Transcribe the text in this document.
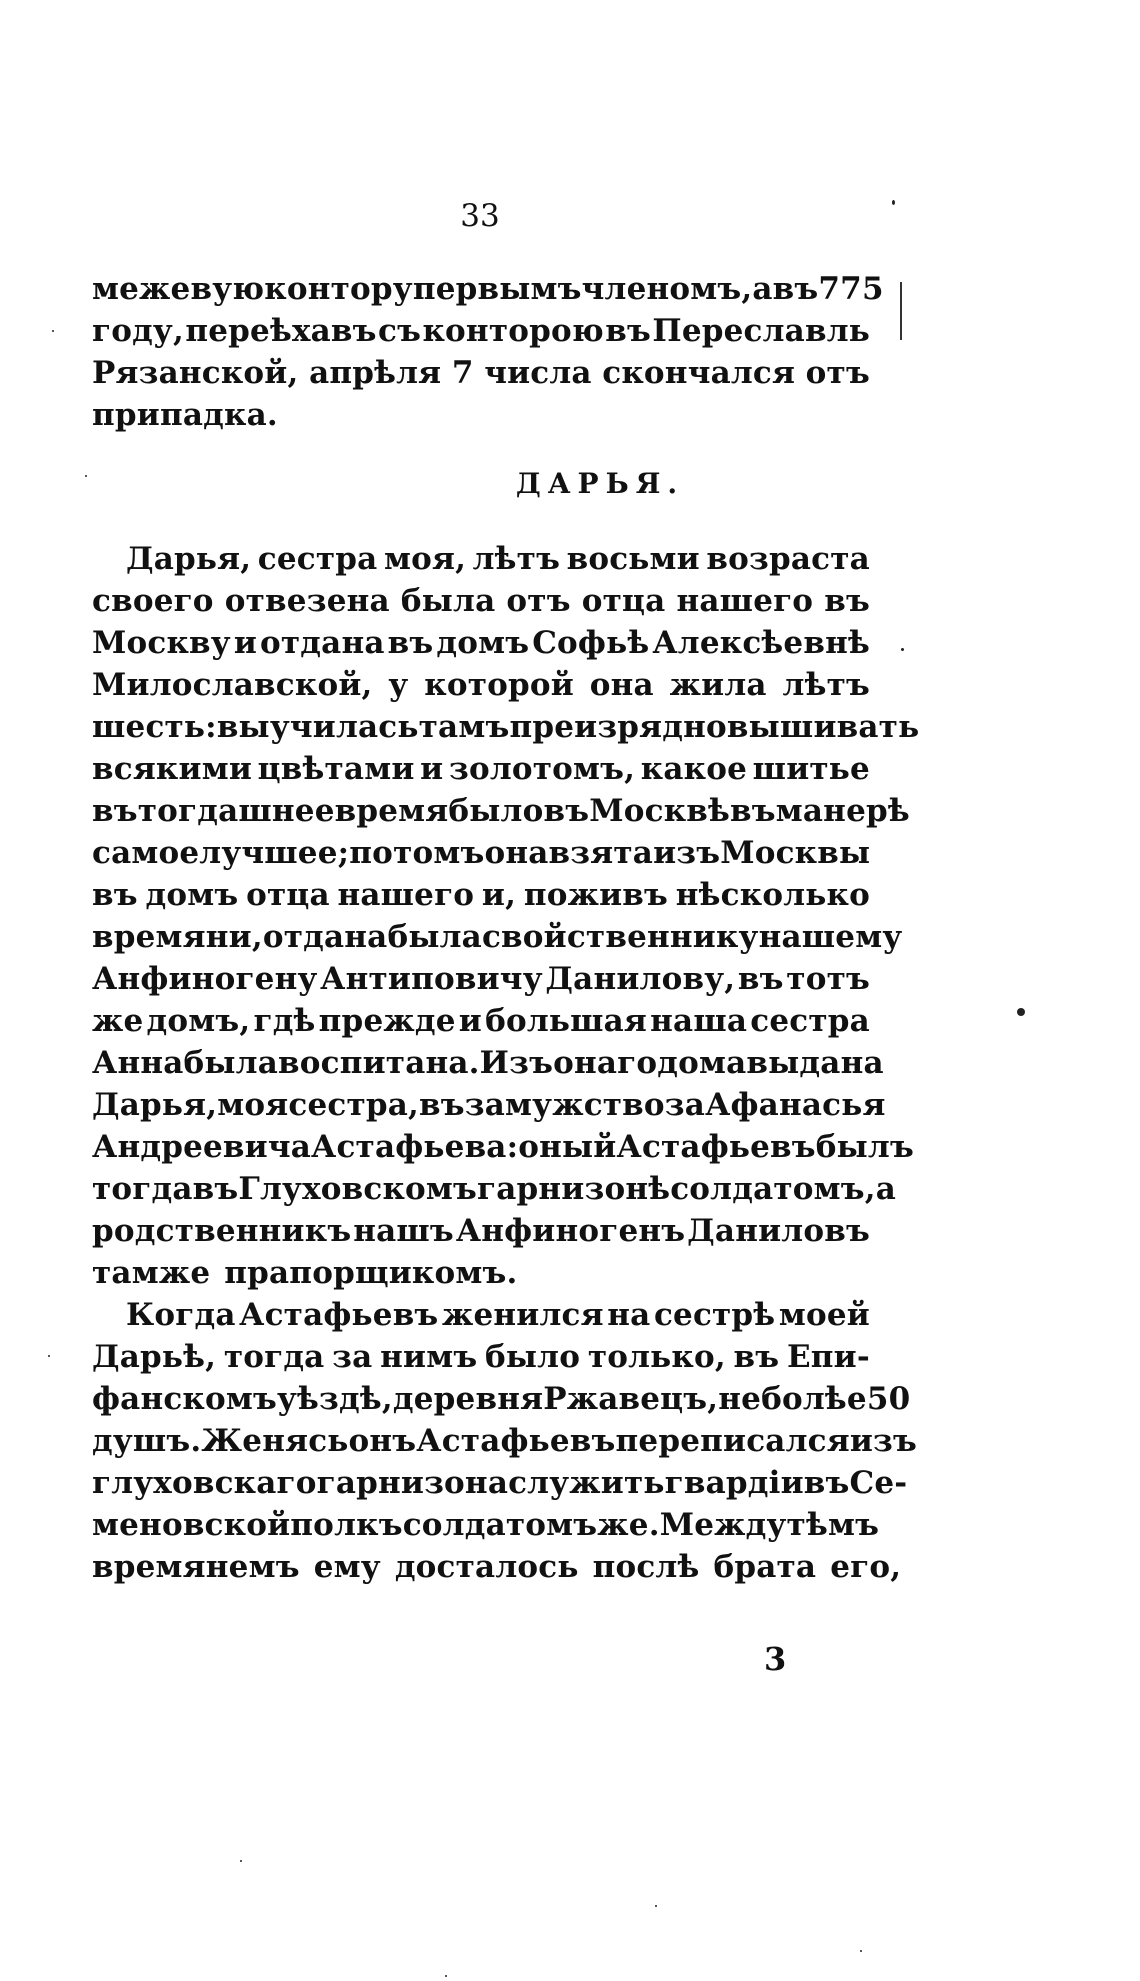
33
межевую контору первымъ членомъ, а въ 775
году, переѣхавъ съ конторою въ Переславль
Рязанской, апрѣля 7 числа скончался отъ
припадка.
ДАРЬЯ.
Дарья, сестра моя, лѣтъ восьми возраста
своего отвезена была отъ отца нашего въ
Москву и отдана въ домъ Софьѣ Алексѣевнѣ
Милославской, у которой она жила лѣтъ
шесть: выучилась тамъ преизрядно вышивать
всякими цвѣтами и золотомъ, какое шитье
въ тогдашнее время было въ Москвѣ въ манерѣ
самое лучшее; потомъ она взята изъ Москвы
въ домъ отца нашего и, поживъ нѣсколько
времяни, отдана была свойственнику нашему
Анфиногену Антиповичу Данилову, въ тотъ
же домъ, гдѣ прежде и большая наша сестра
Анна была воспитана. Изъ онаго дома выдана
Дарья, моя сестра, въ замужство за Афанасья
Андреевича Астафьева: оный Астафьевъ былъ
тогда въ Глуховскомъ гарнизонѣ солдатомъ, а
родственникъ нашъ Анфиногенъ Даниловъ
тамже прапорщикомъ.
Когда Астафьевъ женился на сестрѣ моей
Дарьѣ, тогда за нимъ было только, въ Епи-
фанскомъ уѣздѣ, деревня Ржавецъ, не болѣе 50
душъ. Женясь онъ Астафьевъ переписался изъ
глуховскаго гарнизона служить гвардіи въ Се-
меновской полкъ солдатомъ же. Между тѣмъ
времянемъ ему досталось послѣ брата его,
3
